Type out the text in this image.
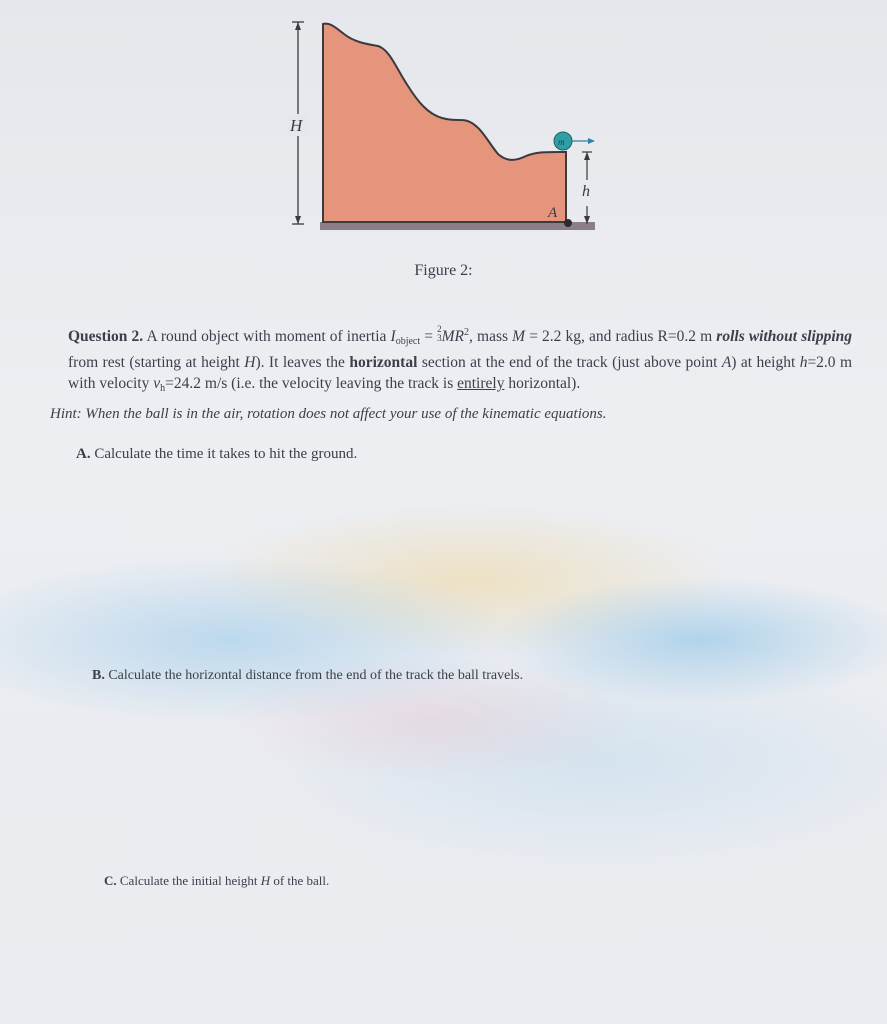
H
m
h
A
Figure 2:
Question 2. A round object with moment of inertia $I_{object} = 2$
3 $MR^2$, mass M = 2.2 kg, and radius R=0.2 m rolls without slipping from rest (starting at height H). It leaves the horizontal section at the end of the track (just above point A) at height h=2.0 m with velocity $v_h=24.2$ m/s (i.e. the velocity leaving the track is entirely horizontal).
Hint: When the ball is in the air, rotation does not affect your use of the kinematic equations.
A. Calculate the time it takes to hit the ground.
B. Calculate the horizontal distance from the end of the track the ball travels.
C. Calculate the initial height H of the ball.
